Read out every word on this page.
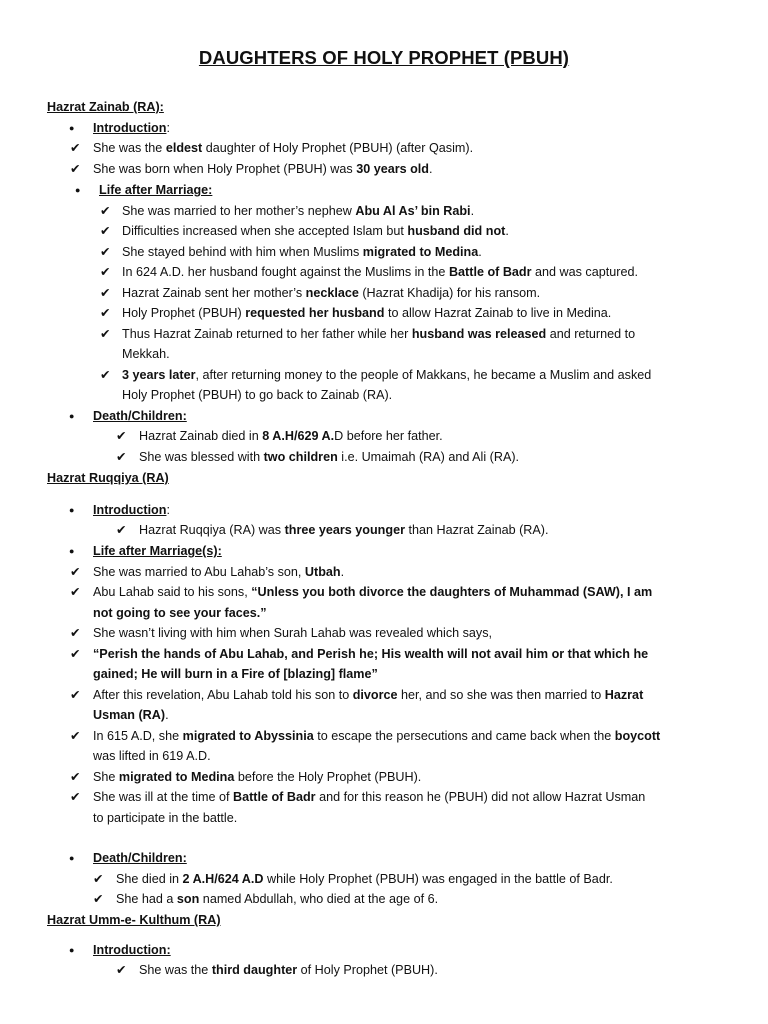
DAUGHTERS OF HOLY PROPHET (PBUH)
Hazrat Zainab (RA):
● Introduction:
✔ She was the eldest daughter of Holy Prophet (PBUH) (after Qasim).
✔ She was born when Holy Prophet (PBUH) was 30 years old.
● Life after Marriage:
✔ She was married to her mother’s nephew Abu Al As’ bin Rabi.
✔ Difficulties increased when she accepted Islam but husband did not.
✔ She stayed behind with him when Muslims migrated to Medina.
✔ In 624 A.D. her husband fought against the Muslims in the Battle of Badr and was captured.
✔ Hazrat Zainab sent her mother’s necklace (Hazrat Khadija) for his ransom.
✔ Holy Prophet (PBUH) requested her husband to allow Hazrat Zainab to live in Medina.
✔ Thus Hazrat Zainab returned to her father while her husband was released and returned to
Mekkah.
✔ 3 years later, after returning money to the people of Makkans, he became a Muslim and asked
Holy Prophet (PBUH) to go back to Zainab (RA).
● Death/Children:
✔ Hazrat Zainab died in 8 A.H/629 A.D before her father.
✔ She was blessed with two children i.e. Umaimah (RA) and Ali (RA).
Hazrat Ruqqiya (RA)
● Introduction:
✔ Hazrat Ruqqiya (RA) was three years younger than Hazrat Zainab (RA).
● Life after Marriage(s):
✔ She was married to Abu Lahab’s son, Utbah.
✔ Abu Lahab said to his sons, “Unless you both divorce the daughters of Muhammad (SAW), I am
not going to see your faces.”
✔ She wasn’t living with him when Surah Lahab was revealed which says,
✔ “Perish the hands of Abu Lahab, and Perish he; His wealth will not avail him or that which he
gained; He will burn in a Fire of [blazing] flame”
✔ After this revelation, Abu Lahab told his son to divorce her, and so she was then married to Hazrat
Usman (RA).
✔ In 615 A.D, she migrated to Abyssinia to escape the persecutions and came back when the boycott
was lifted in 619 A.D.
✔ She migrated to Medina before the Holy Prophet (PBUH).
✔ She was ill at the time of Battle of Badr and for this reason he (PBUH) did not allow Hazrat Usman
to participate in the battle.
● Death/Children:
✔ She died in 2 A.H/624 A.D while Holy Prophet (PBUH) was engaged in the battle of Badr.
✔ She had a son named Abdullah, who died at the age of 6.
Hazrat Umm-e- Kulthum (RA)
● Introduction:
✔ She was the third daughter of Holy Prophet (PBUH).
